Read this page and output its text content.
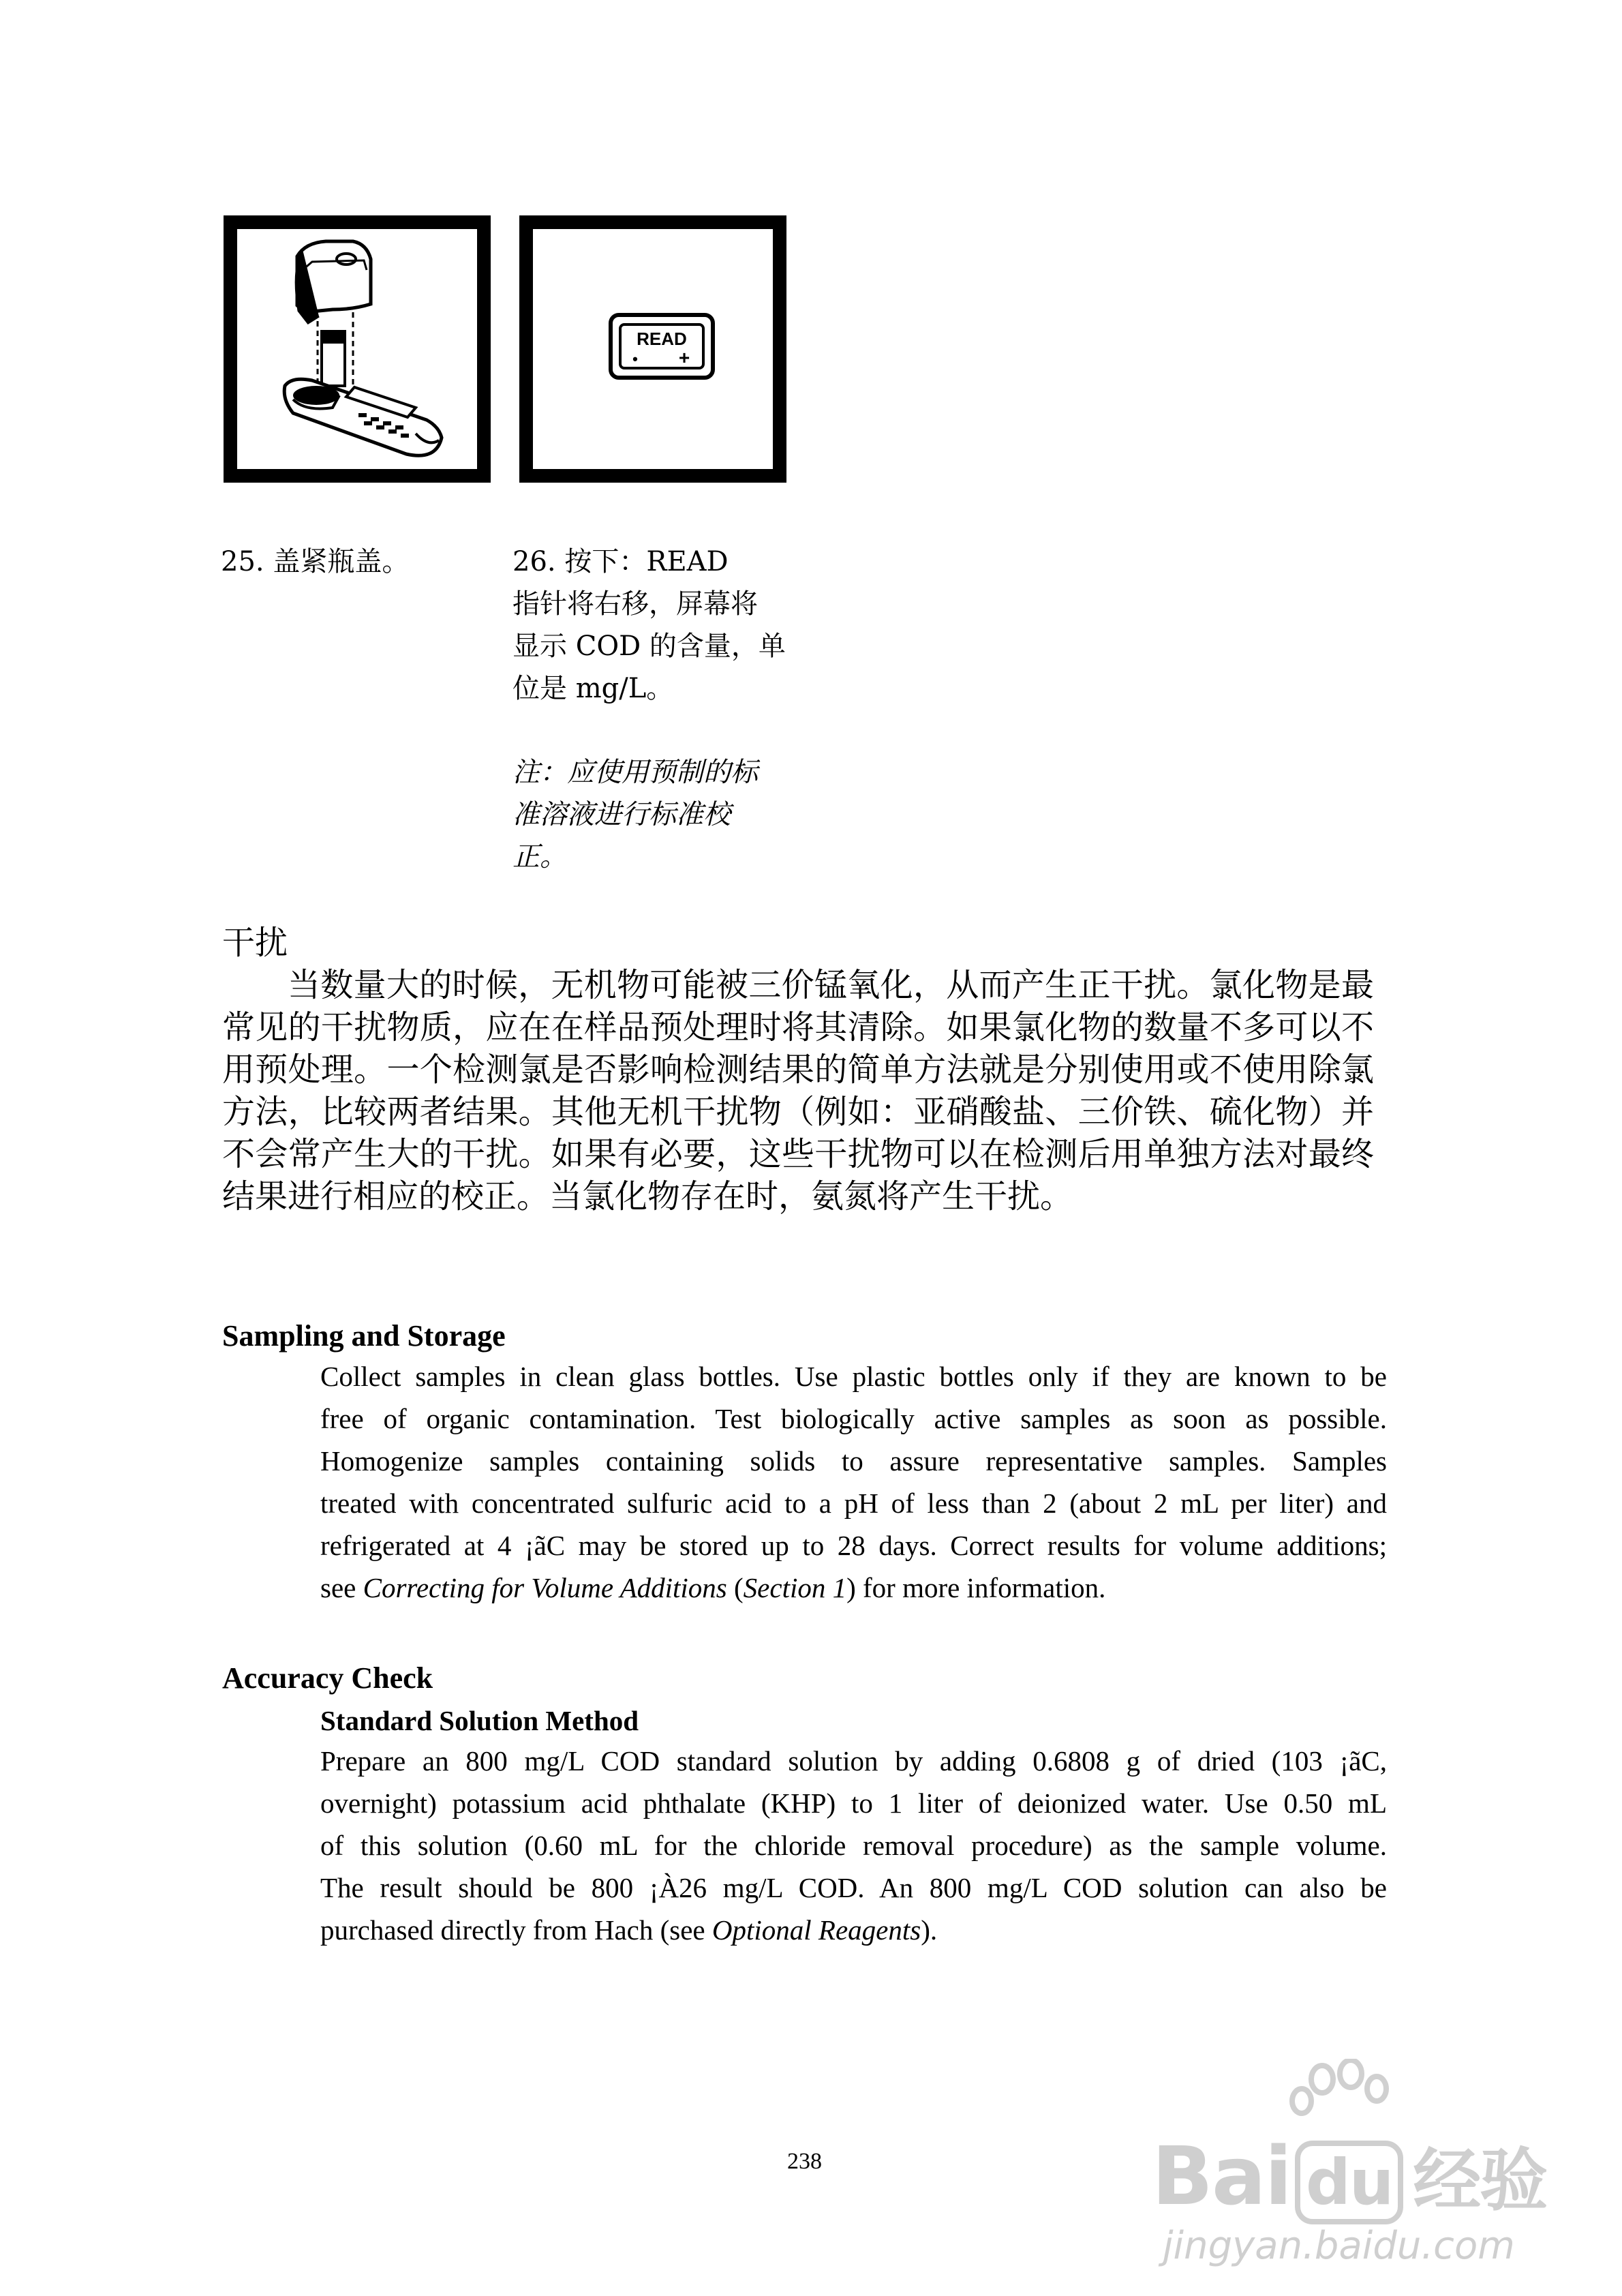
READ
• +
25. 盖紧瓶盖。	26. 按下：READ
指针将右移，屏幕将
显示 COD 的含量，单
位是 mg/L。
注：应使用预制的标
准溶液进行标准校
正。
干扰
当数量大的时候，无机物可能被三价锰氧化，从而产生正干扰。氯化物是最
常见的干扰物质，应在在样品预处理时将其清除。如果氯化物的数量不多可以不
用预处理。一个检测氯是否影响检测结果的简单方法就是分别使用或不使用除氯
方法，比较两者结果。其他无机干扰物（例如：亚硝酸盐、三价铁、硫化物）并
不会常产生大的干扰。如果有必要，这些干扰物可以在检测后用单独方法对最终
结果进行相应的校正。当氯化物存在时，氨氮将产生干扰。
Sampling and Storage
Collect samples in clean glass bottles. Use plastic bottles only if they are known to be
free of organic contamination. Test biologically active samples as soon as possible.
Homogenize samples containing solids to assure representative samples. Samples
treated with concentrated sulfuric acid to a pH of less than 2 (about 2 mL per liter) and
refrigerated at 4 ¡ãC may be stored up to 28 days. Correct results for volume additions;
see Correcting for Volume Additions (Section 1) for more information.
Accuracy Check
Standard Solution Method
Prepare an 800 mg/L COD standard solution by adding 0.6808 g of dried (103 ¡ãC,
overnight) potassium acid phthalate (KHP) to 1 liter of deionized water. Use 0.50 mL
of this solution (0.60 mL for the chloride removal procedure) as the sample volume.
The result should be 800 ¡À26 mg/L COD. An 800 mg/L COD solution can also be
purchased directly from Hach (see Optional Reagents).
238	Bai du 经验
jingyan.baidu.com
